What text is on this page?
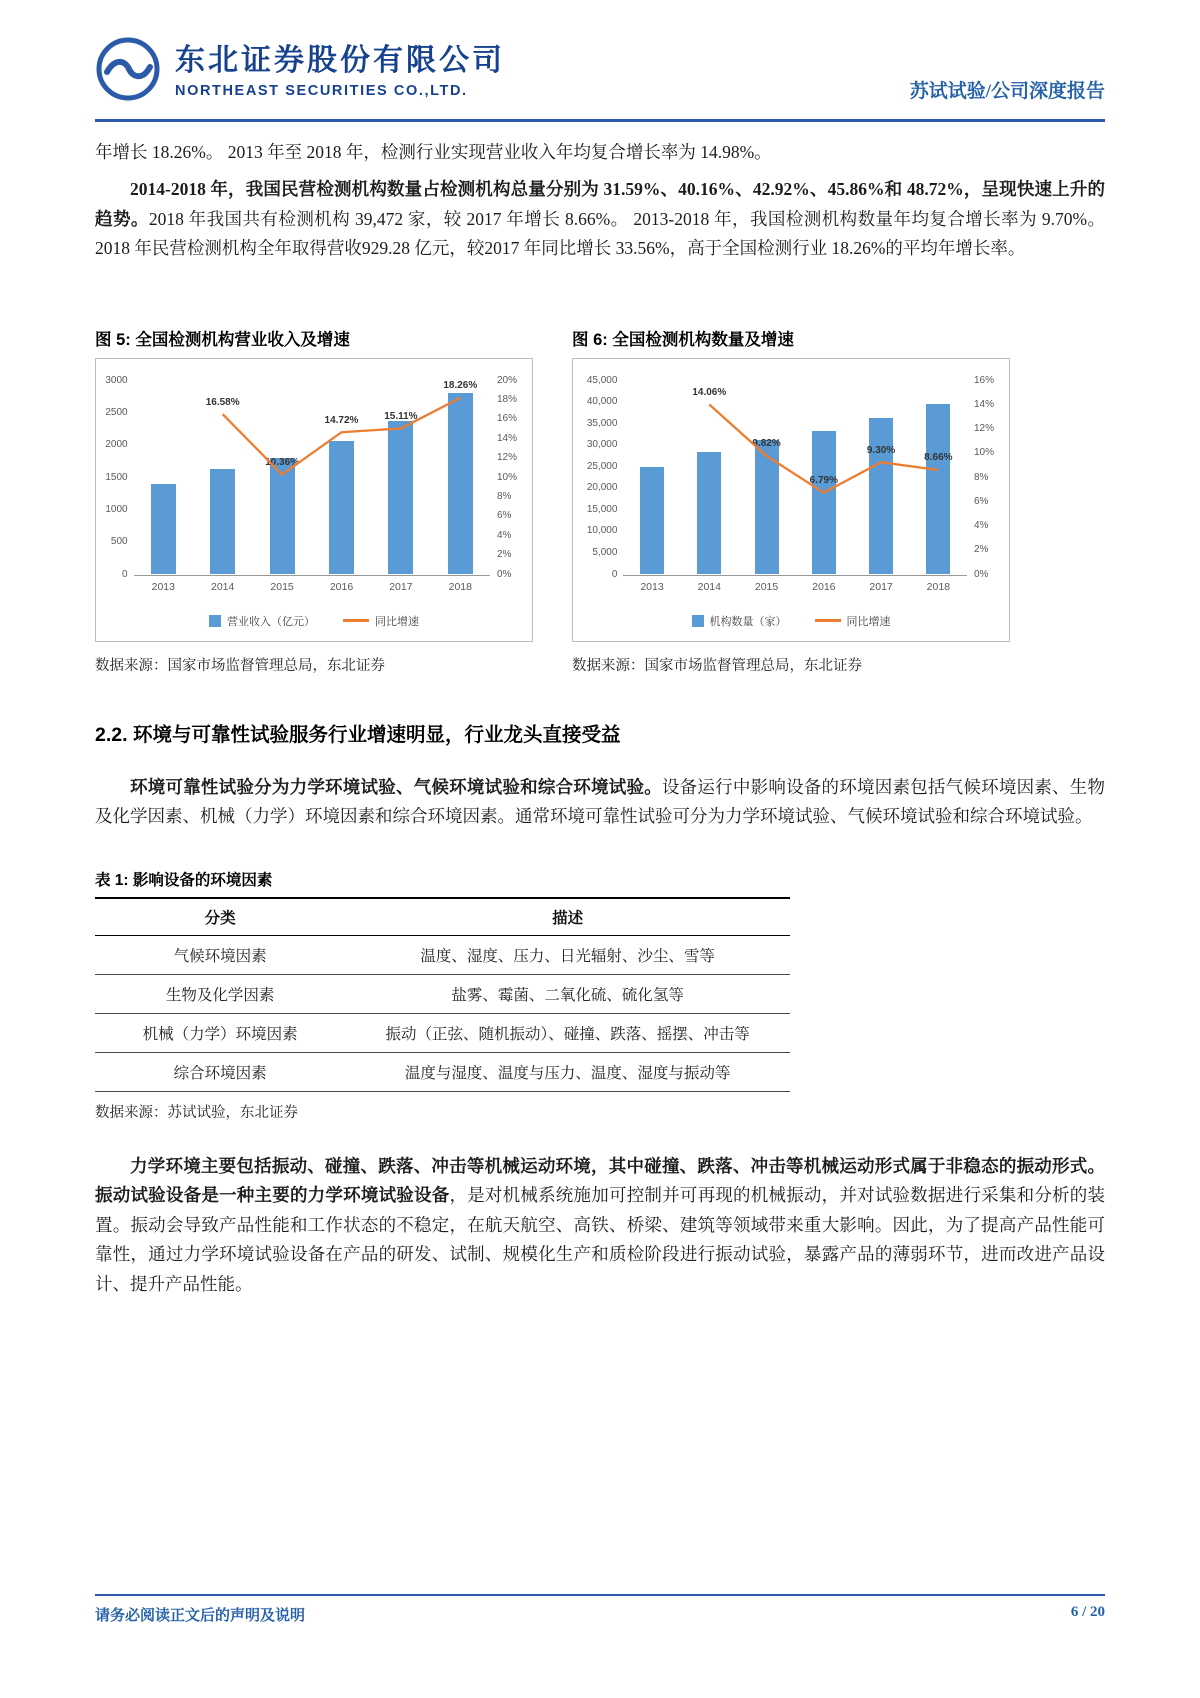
东北证券股份有限公司
NORTHEAST SECURITIES CO.,LTD.	苏试试验/公司深度报告

年增长 18.26%。 2013 年至 2018 年，检测行业实现营业收入年均复合增长率为 14.98%。

2014-2018 年，我国民营检测机构数量占检测机构总量分别为 31.59%、40.16%、42.92%、45.86%和 48.72%，呈现快速上升的趋势。2018 年我国共有检测机构 39,472 家，较 2017 年增长 8.66%。 2013-2018 年，我国检测机构数量年均复合增长率为 9.70%。2018 年民营检测机构全年取得营收929.28 亿元，较2017 年同比增长 33.56%，高于全国检测行业 18.26%的平均年增长率。

图 5: 全国检测机构营业收入及增速
0
500
1000
1500
2000
2500
3000
0%
2%
4%
6%
8%
10%
12%
14%
16%
18%
20%
2013	2014	2015	2016	2017	2018
16.58%
10.36%
14.72%	15.11%
18.26%
营业收入（亿元）	同比增速
数据来源：国家市场监督管理总局，东北证券
图 6: 全国检测机构数量及增速
0
5,000
10,000
15,000
20,000
25,000
30,000
35,000
40,000
45,000
0%
2%
4%
6%
8%
10%
12%
14%
16%
2013	2014	2015	2016	2017	2018
14.06%
9.82%
6.79%
9.30%
8.66%
机构数量（家）	同比增速
数据来源：国家市场监督管理总局，东北证券
2.2. 环境与可靠性试验服务行业增速明显，行业龙头直接受益

环境可靠性试验分为力学环境试验、气候环境试验和综合环境试验。设备运行中影响设备的环境因素包括气候环境因素、生物及化学因素、机械（力学）环境因素和综合环境因素。通常环境可靠性试验可分为力学环境试验、气候环境试验和综合环境试验。

表 1: 影响设备的环境因素
分类	描述
气候环境因素	温度、湿度、压力、日光辐射、沙尘、雪等
生物及化学因素	盐雾、霉菌、二氧化硫、硫化氢等
机械（力学）环境因素	振动（正弦、随机振动）、碰撞、跌落、摇摆、冲击等
综合环境因素	温度与湿度、温度与压力、温度、湿度与振动等
数据来源：苏试试验，东北证券

力学环境主要包括振动、碰撞、跌落、冲击等机械运动环境，其中碰撞、跌落、冲击等机械运动形式属于非稳态的振动形式。振动试验设备是一种主要的力学环境试验设备，是对机械系统施加可控制并可再现的机械振动，并对试验数据进行采集和分析的装置。振动会导致产品性能和工作状态的不稳定，在航天航空、高铁、桥梁、建筑等领域带来重大影响。因此，为了提高产品性能可靠性，通过力学环境试验设备在产品的研发、试制、规模化生产和质检阶段进行振动试验，暴露产品的薄弱环节，进而改进产品设计、提升产品性能。

请务必阅读正文后的声明及说明	6 / 20
